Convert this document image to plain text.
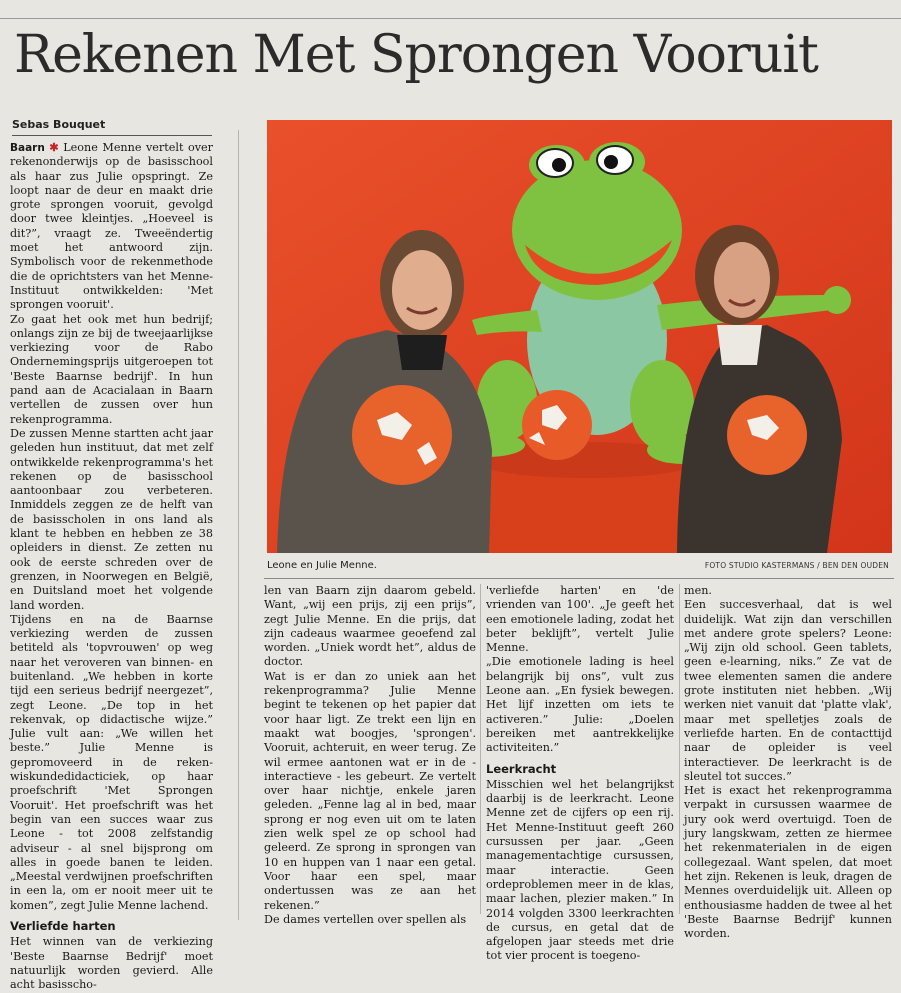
Rekenen Met Sprongen Vooruit
Sebas Bouquet

Baarn ✱ Leone Menne vertelt over rekenonderwijs op de basisschool als haar zus Julie opspringt. Ze loopt naar de deur en maakt drie grote sprongen vooruit, gevolgd door twee kleintjes. „Hoeveel is dit?”, vraagt ze. Tweeëndertig moet het antwoord zijn. Symbolisch voor de rekenmethode die de oprichtsters van het Menne-Instituut ontwikkelden: 'Met sprongen vooruit'.

Zo gaat het ook met hun bedrijf; onlangs zijn ze bij de tweejaarlijkse verkiezing voor de Rabo Ondernemingsprijs uitgeroepen tot 'Beste Baarnse bedrijf'. In hun pand aan de Acacialaan in Baarn vertellen de zussen over hun rekenprogramma.

De zussen Menne startten acht jaar geleden hun instituut, dat met zelf ontwikkelde rekenprogramma's het rekenen op de basisschool aantoonbaar zou verbeteren. Inmiddels zeggen ze de helft van de basisscholen in ons land als klant te hebben en hebben ze 38 opleiders in dienst. Ze zetten nu ook de eerste schreden over de grenzen, in Noorwegen en België, en Duitsland moet het volgende land worden.

Tijdens en na de Baarnse verkiezing werden de zussen betiteld als 'topvrouwen' op weg naar het veroveren van binnen- en buitenland. „We hebben in korte tijd een serieus bedrijf neergezet”, zegt Leone. „De top in het rekenvak, op didactische wijze.” Julie vult aan: „We willen het beste.” Julie Menne is gepromoveerd in de reken-wiskundedidacticiek, op haar proefschrift 'Met Sprongen Vooruit'. Het proefschrift was het begin van een succes waar zus Leone - tot 2008 zelfstandig adviseur - al snel bijsprong om alles in goede banen te leiden. „Meestal verdwijnen proefschriften in een la, om er nooit meer uit te komen”, zegt Julie Menne lachend.

Verliefde harten

Het winnen van de verkiezing 'Beste Baarnse Bedrijf' moet natuurlijk worden gevierd. Alle acht basisscho-

Leone en Julie Menne.	FOTO STUDIO KASTERMANS / BEN DEN OUDEN

len van Baarn zijn daarom gebeld. Want, „wij een prijs, zij een prijs”, zegt Julie Menne. En die prijs, dat zijn cadeaus waarmee geoefend zal worden. „Uniek wordt het”, aldus de doctor.

Wat is er dan zo uniek aan het rekenprogramma? Julie Menne begint te tekenen op het papier dat voor haar ligt. Ze trekt een lijn en maakt wat boogjes, 'sprongen'. Vooruit, achteruit, en weer terug. Ze wil ermee aantonen wat er in de - interactieve - les gebeurt. Ze vertelt over haar nichtje, enkele jaren geleden. „Fenne lag al in bed, maar sprong er nog even uit om te laten zien welk spel ze op school had geleerd. Ze sprong in sprongen van 10 en huppen van 1 naar een getal. Voor haar een spel, maar ondertussen was ze aan het rekenen.”

De dames vertellen over spellen als

'verliefde harten' en 'de vrienden van 100'. „Je geeft het een emotionele lading, zodat het beter beklijft”, vertelt Julie Menne.

„Die emotionele lading is heel belangrijk bij ons”, vult zus Leone aan. „En fysiek bewegen. Het lijf inzetten om iets te activeren.” Julie: „Doelen bereiken met aantrekkelijke activiteiten.”

Leerkracht

Misschien wel het belangrijkst daarbij is de leerkracht. Leone Menne zet de cijfers op een rij. Het Menne-Instituut geeft 260 cursussen per jaar. „Geen managementachtige cursussen, maar interactie. Geen ordeproblemen meer in de klas, maar lachen, plezier maken.” In 2014 volgden 3300 leerkrachten de cursus, en getal dat de afgelopen jaar steeds met drie tot vier procent is toegeno-

men.

Een succesverhaal, dat is wel duidelijk. Wat zijn dan verschillen met andere grote spelers? Leone: „Wij zijn old school. Geen tablets, geen e-learning, niks.” Ze vat de twee elementen samen die andere grote instituten niet hebben. „Wij werken niet vanuit dat 'platte vlak', maar met spelletjes zoals de verliefde harten. En de contacttijd naar de opleider is veel interactiever. De leerkracht is de sleutel tot succes.”

Het is exact het rekenprogramma verpakt in cursussen waarmee de jury ook werd overtuigd. Toen de jury langskwam, zetten ze hiermee het rekenmaterialen in de eigen collegezaal. Want spelen, dat moet het zijn. Rekenen is leuk, dragen de Mennes overduidelijk uit. Alleen op enthousiasme hadden de twee al het 'Beste Baarnse Bedrijf' kunnen worden.
